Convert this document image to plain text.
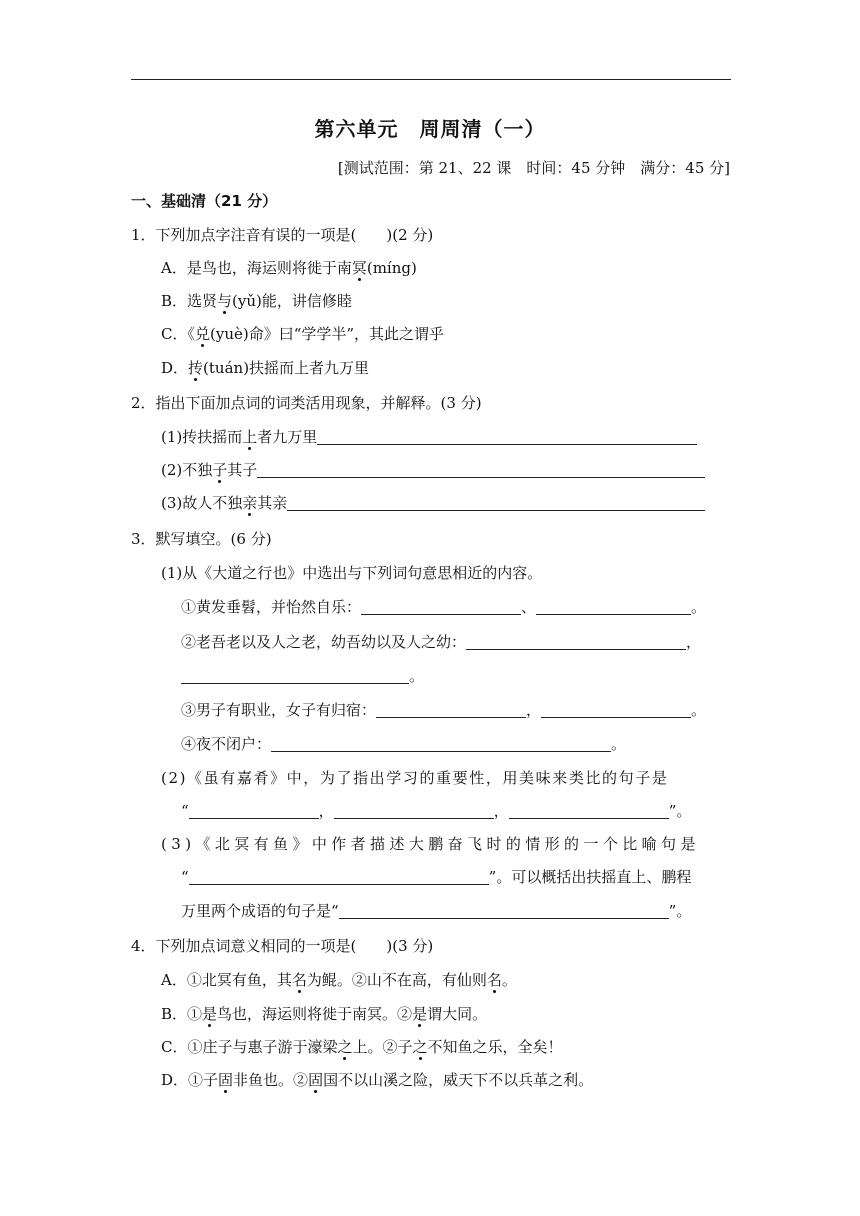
第六单元　周周清（一）
[测试范围：第 21、22 课　时间：45 分钟　满分：45 分]
一、基础清（21 分）
1．下列加点字注音有误的一项是(　　)(2 分)
A．是鸟也，海运则将徙于南冥(míng)
B．选贤与(yǔ)能，讲信修睦
C．《兑(yuè)命》曰“学学半”，其此之谓乎
D．抟(tuán)扶摇而上者九万里
2．指出下面加点词的词类活用现象，并解释。(3 分)
(1)抟扶摇而上者九万里
(2)不独子其子
(3)故人不独亲其亲
3．默写填空。(6 分)
(1)从《大道之行也》中选出与下列词句意思相近的内容。
①黄发垂髫，并怡然自乐：	、	。
②老吾老以及人之老，幼吾幼以及人之幼：	，
。
③男子有职业，女子有归宿：	，	。
④夜不闭户：	。
(2)《虽有嘉肴》中，为了指出学习的重要性，用美味来类比的句子是
“	，	，	”。
(3)《北冥有鱼》中作者描述大鹏奋飞时的情形的一个比喻句是
“	”。可以概括出扶摇直上、鹏程
万里两个成语的句子是“	”。
4．下列加点词意义相同的一项是(　　)(3 分)
A．①北冥有鱼，其名为鲲。②山不在高，有仙则名。
B．①是鸟也，海运则将徙于南冥。②是谓大同。
C．①庄子与惠子游于濠梁之上。②子之不知鱼之乐，全矣！
D．①子固非鱼也。②固国不以山溪之险，威天下不以兵革之利。
